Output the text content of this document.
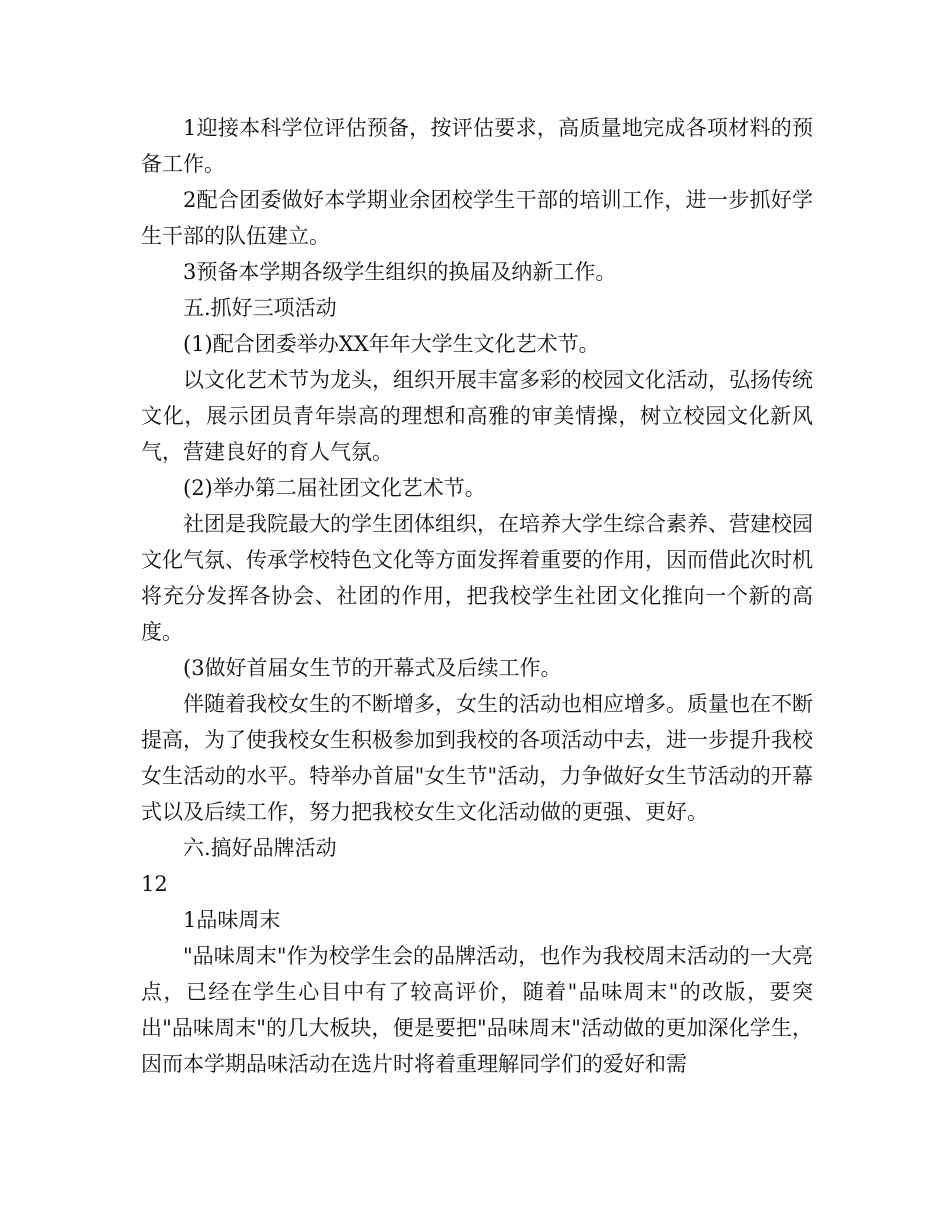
1迎接本科学位评估预备，按评估要求，高质量地完成各项材料的预备工作。

2配合团委做好本学期业余团校学生干部的培训工作，进一步抓好学生干部的队伍建立。

3预备本学期各级学生组织的换届及纳新工作。

五.抓好三项活动

(1)配合团委举办XX年年大学生文化艺术节。

以文化艺术节为龙头，组织开展丰富多彩的校园文化活动，弘扬传统文化，展示团员青年崇高的理想和高雅的审美情操，树立校园文化新风气，营建良好的育人气氛。

(2)举办第二届社团文化艺术节。

社团是我院最大的学生团体组织，在培养大学生综合素养、营建校园文化气氛、传承学校特色文化等方面发挥着重要的作用，因而借此次时机将充分发挥各协会、社团的作用，把我校学生社团文化推向一个新的高度。

(3做好首届女生节的开幕式及后续工作。

伴随着我校女生的不断增多，女生的活动也相应增多。质量也在不断提高，为了使我校女生积极参加到我校的各项活动中去，进一步提升我校女生活动的水平。特举办首届"女生节"活动，力争做好女生节活动的开幕式以及后续工作，努力把我校女生文化活动做的更强、更好。

六.搞好品牌活动

12

1品味周末

"品味周末"作为校学生会的品牌活动，也作为我校周末活动的一大亮点，已经在学生心目中有了较高评价，随着"品味周末"的改版，要突出"品味周末"的几大板块，便是要把"品味周末"活动做的更加深化学生，因而本学期品味活动在选片时将着重理解同学们的爱好和需
